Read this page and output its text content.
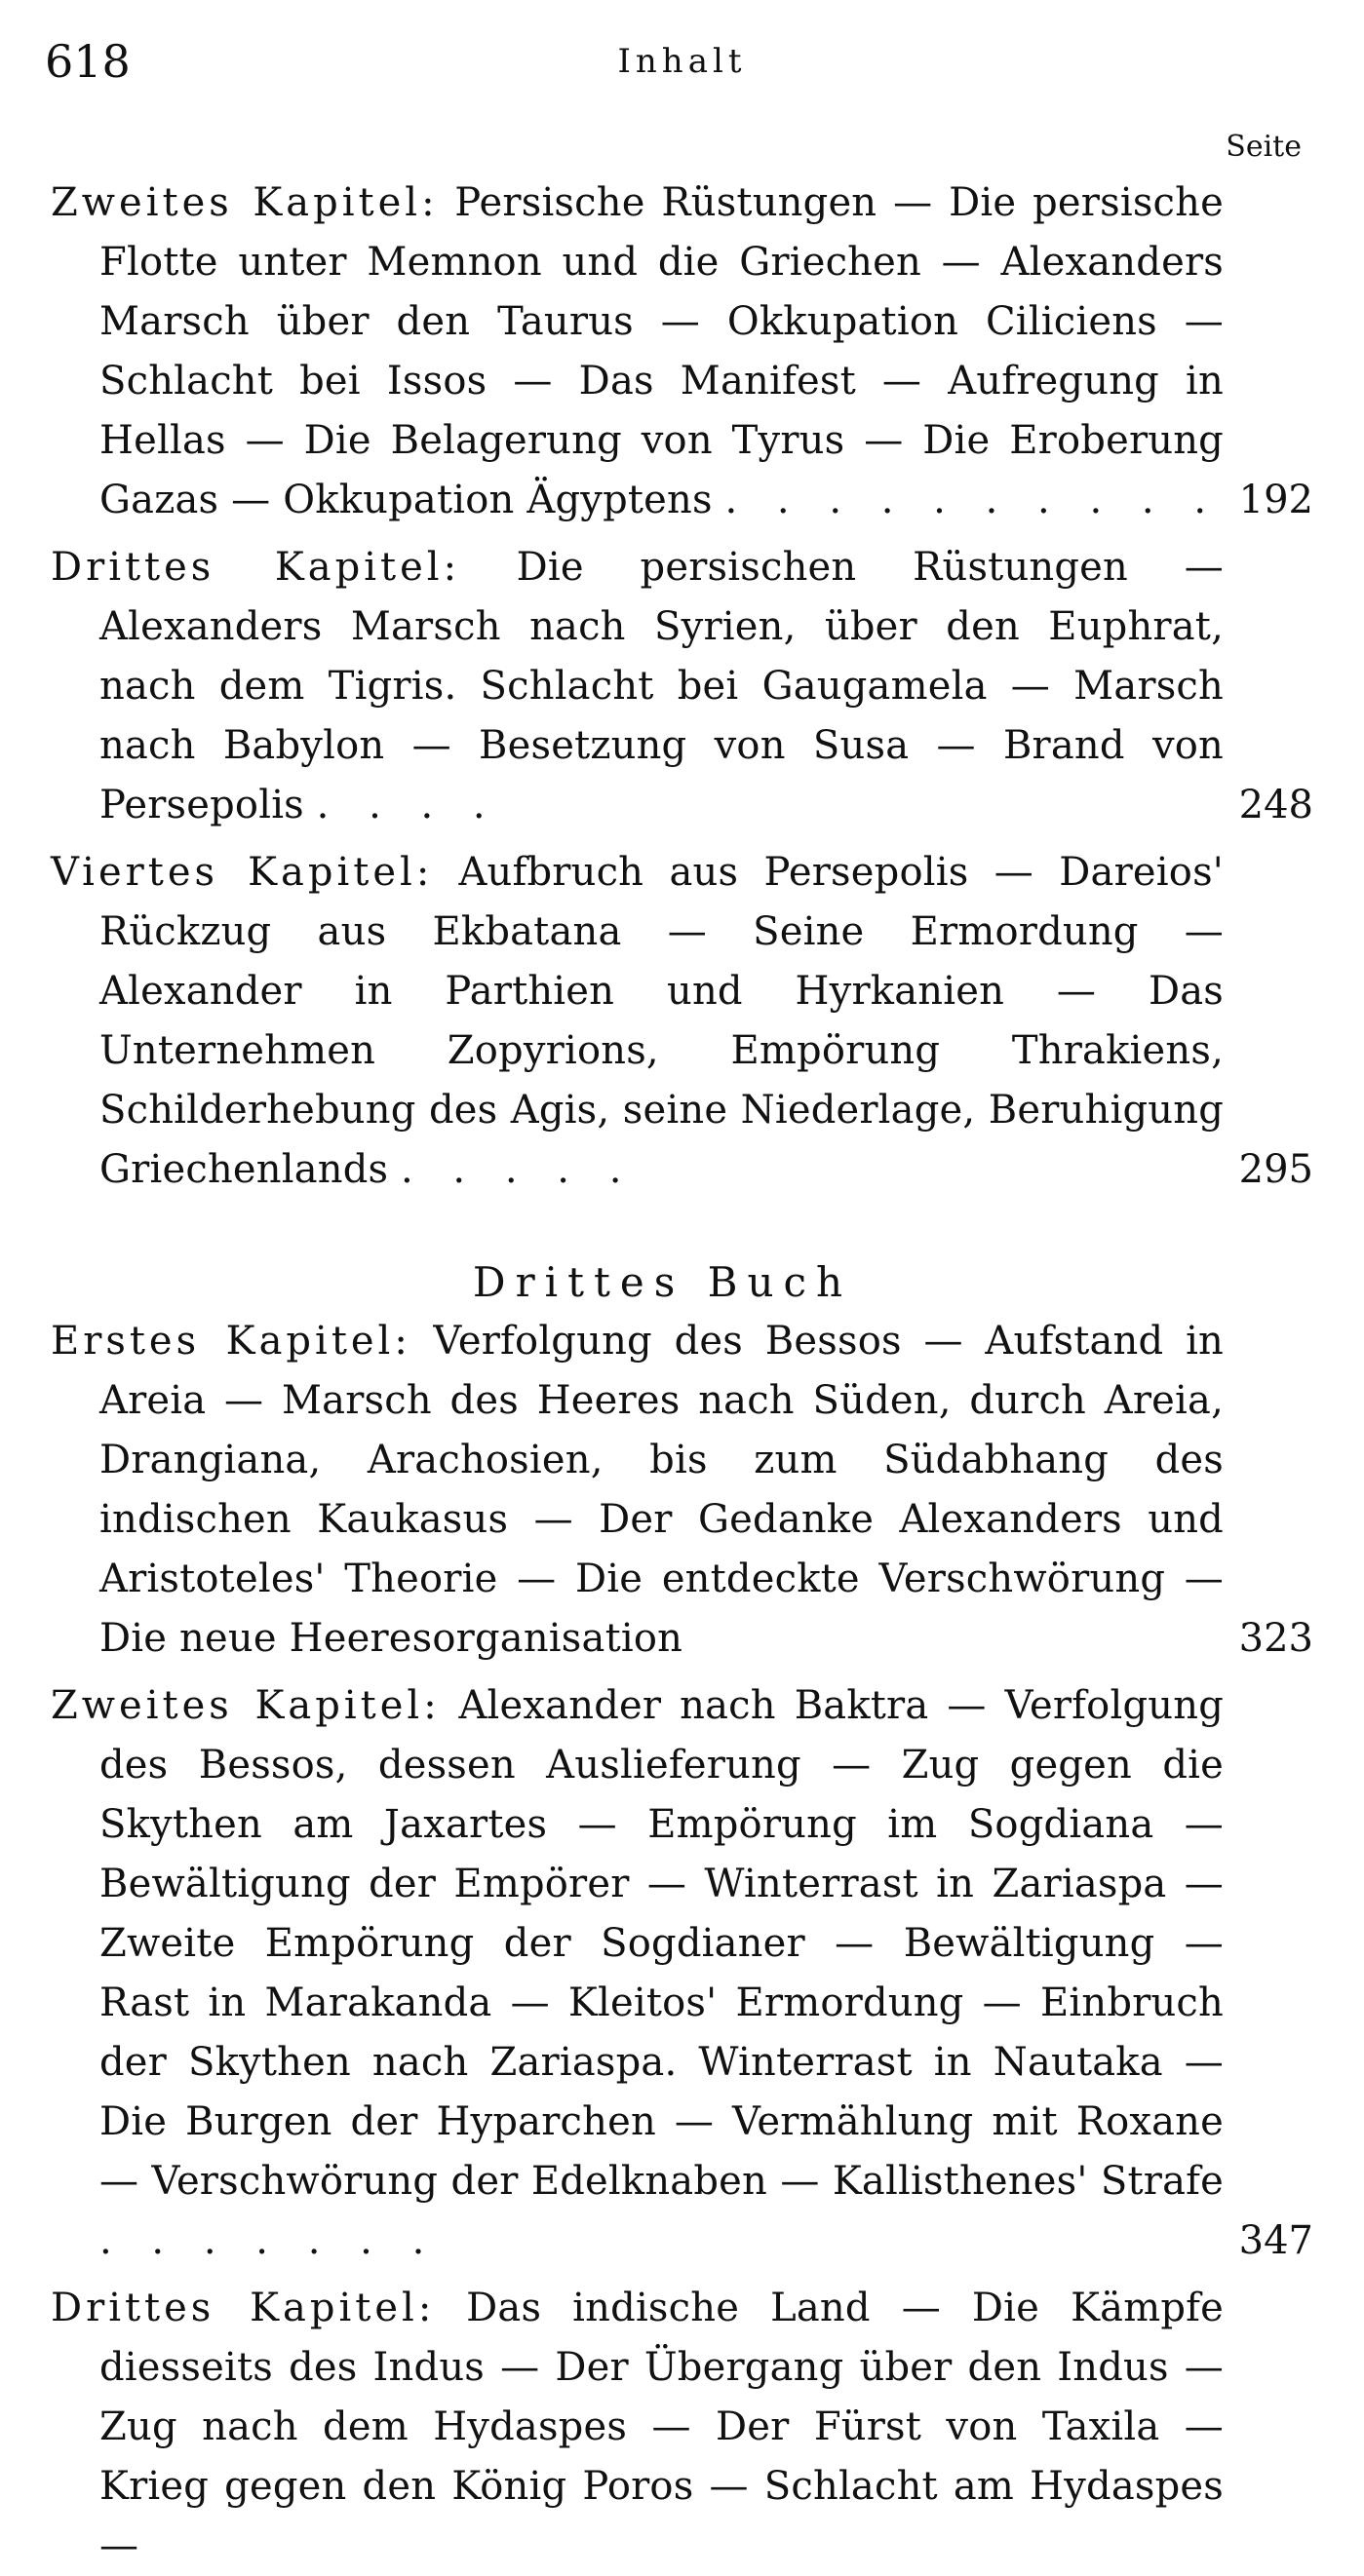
618	Inhalt
Seite
Zweites Kapitel: Persische Rüstungen — Die persische Flotte unter Memnon und die Griechen — Alexanders Marsch über den Taurus — Okkupation Ciliciens — Schlacht bei Issos — Das Manifest — Aufregung in Hellas — Die Belagerung von Tyrus — Die Eroberung Gazas — Okkupation Ägyptens . . . . . . . . . . 192
Drittes Kapitel: Die persischen Rüstungen — Alexanders Marsch nach Syrien, über den Euphrat, nach dem Tigris. Schlacht bei Gaugamela — Marsch nach Babylon — Besetzung von Susa — Brand von Persepolis . . . .	248
Viertes Kapitel: Aufbruch aus Persepolis — Dareios' Rückzug aus Ekbatana — Seine Ermordung — Alexander in Parthien und Hyrkanien — Das Unternehmen Zopyrions, Empörung Thrakiens, Schilderhebung des Agis, seine Niederlage, Beruhigung Griechenlands . . . . .	295
Drittes Buch
Erstes Kapitel: Verfolgung des Bessos — Aufstand in Areia — Marsch des Heeres nach Süden, durch Areia, Drangiana, Arachosien, bis zum Südabhang des indischen Kaukasus — Der Gedanke Alexanders und Aristoteles' Theorie — Die entdeckte Verschwörung — Die neue Heeresorganisation	323
Zweites Kapitel: Alexander nach Baktra — Verfolgung des Bessos, dessen Auslieferung — Zug gegen die Skythen am Jaxartes — Empörung im Sogdiana — Bewältigung der Empörer — Winterrast in Zariaspa — Zweite Empörung der Sogdianer — Bewältigung — Rast in Marakanda — Kleitos' Ermordung — Einbruch der Skythen nach Zariaspa. Winterrast in Nautaka — Die Burgen der Hyparchen — Vermählung mit Roxane — Verschwörung der Edelknaben — Kallisthenes' Strafe . . . . . . .	347
Drittes Kapitel: Das indische Land — Die Kämpfe diesseits des Indus — Der Übergang über den Indus — Zug nach dem Hydaspes — Der Fürst von Taxila — Krieg gegen den König Poros — Schlacht am Hydaspes —
